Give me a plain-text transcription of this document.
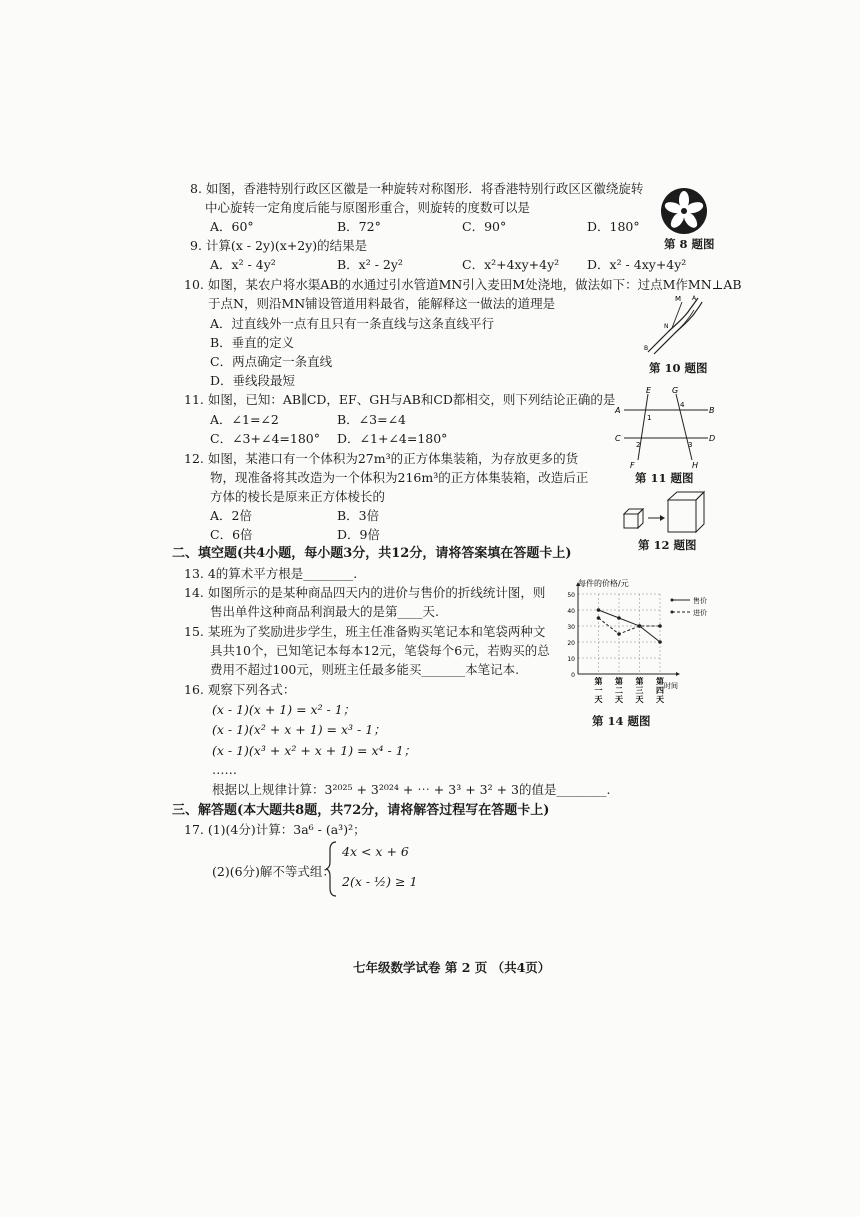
8. 如图，香港特别行政区区徽是一种旋转对称图形．将香港特别行政区区徽绕旋转
中心旋转一定角度后能与原图形重合，则旋转的度数可以是
A．60°	B．72°	C．90°	D．180°
第 8 题图
9. 计算(x - 2y)(x+2y)的结果是
A．x² - 4y²	B．x² - 2y²	C．x²+4xy+4y² D．x² - 4xy+4y²
10. 如图，某农户将水渠AB的水通过引水管道MN引入麦田M处浇地，做法如下：过点M作MN⊥AB
于点N，则沿MN铺设管道用料最省，能解释这一做法的道理是
A．过直线外一点有且只有一条直线与这条直线平行
B．垂直的定义
C．两点确定一条直线
D．垂线段最短
M
N
A
B
第 10 题图
11. 如图，已知：AB∥CD，EF、GH与AB和CD都相交，则下列结论正确的是
A．∠1=∠2	B．∠3=∠4
C．∠3+∠4=180° D．∠1+∠4=180°
E	G
A	B
C	D
F	H
1
2	3
4
第 11 题图
12. 如图，某港口有一个体积为27m³的正方体集装箱，为存放更多的货
物，现准备将其改造为一个体积为216m³的正方体集装箱，改造后正
方体的棱长是原来正方体棱长的
A．2倍	B．3倍
C．6倍	D．9倍
第 12 题图
二、填空题(共4小题，每小题3分，共12分，请将答案填在答题卡上)
13. 4的算术平方根是________.
14. 如图所示的是某种商品四天内的进价与售价的折线统计图，则
售出单件这种商品利润最大的是第____天.
15. 某班为了奖励进步学生，班主任准备购买笔记本和笔袋两种文
具共10个，已知笔记本每本12元，笔袋每个6元，若购买的总
费用不超过100元，则班主任最多能买_______本笔记本.	0
10
20
30
40
50
第
一
天
第
二
天
第
三
天
第
四
天
每件的价格/元
时间
售价
进价
第 14 题图
16. 观察下列各式：
(x - 1)(x + 1) = x² - 1；
(x - 1)(x² + x + 1) = x³ - 1；
(x - 1)(x³ + x² + x + 1) = x⁴ - 1；
……
根据以上规律计算：3²⁰²⁵ + 3²⁰²⁴ + ⋯ + 3³ + 3² + 3的值是________.
三、解答题(本大题共8题，共72分，请将解答过程写在答题卡上)
17. (1)(4分)计算：3a⁶ - (a³)²；
(2)(6分)解不等式组：
4x < x + 6
2(x - ½) ≥ 1
七年级数学试卷 第 2 页 （共4页）
